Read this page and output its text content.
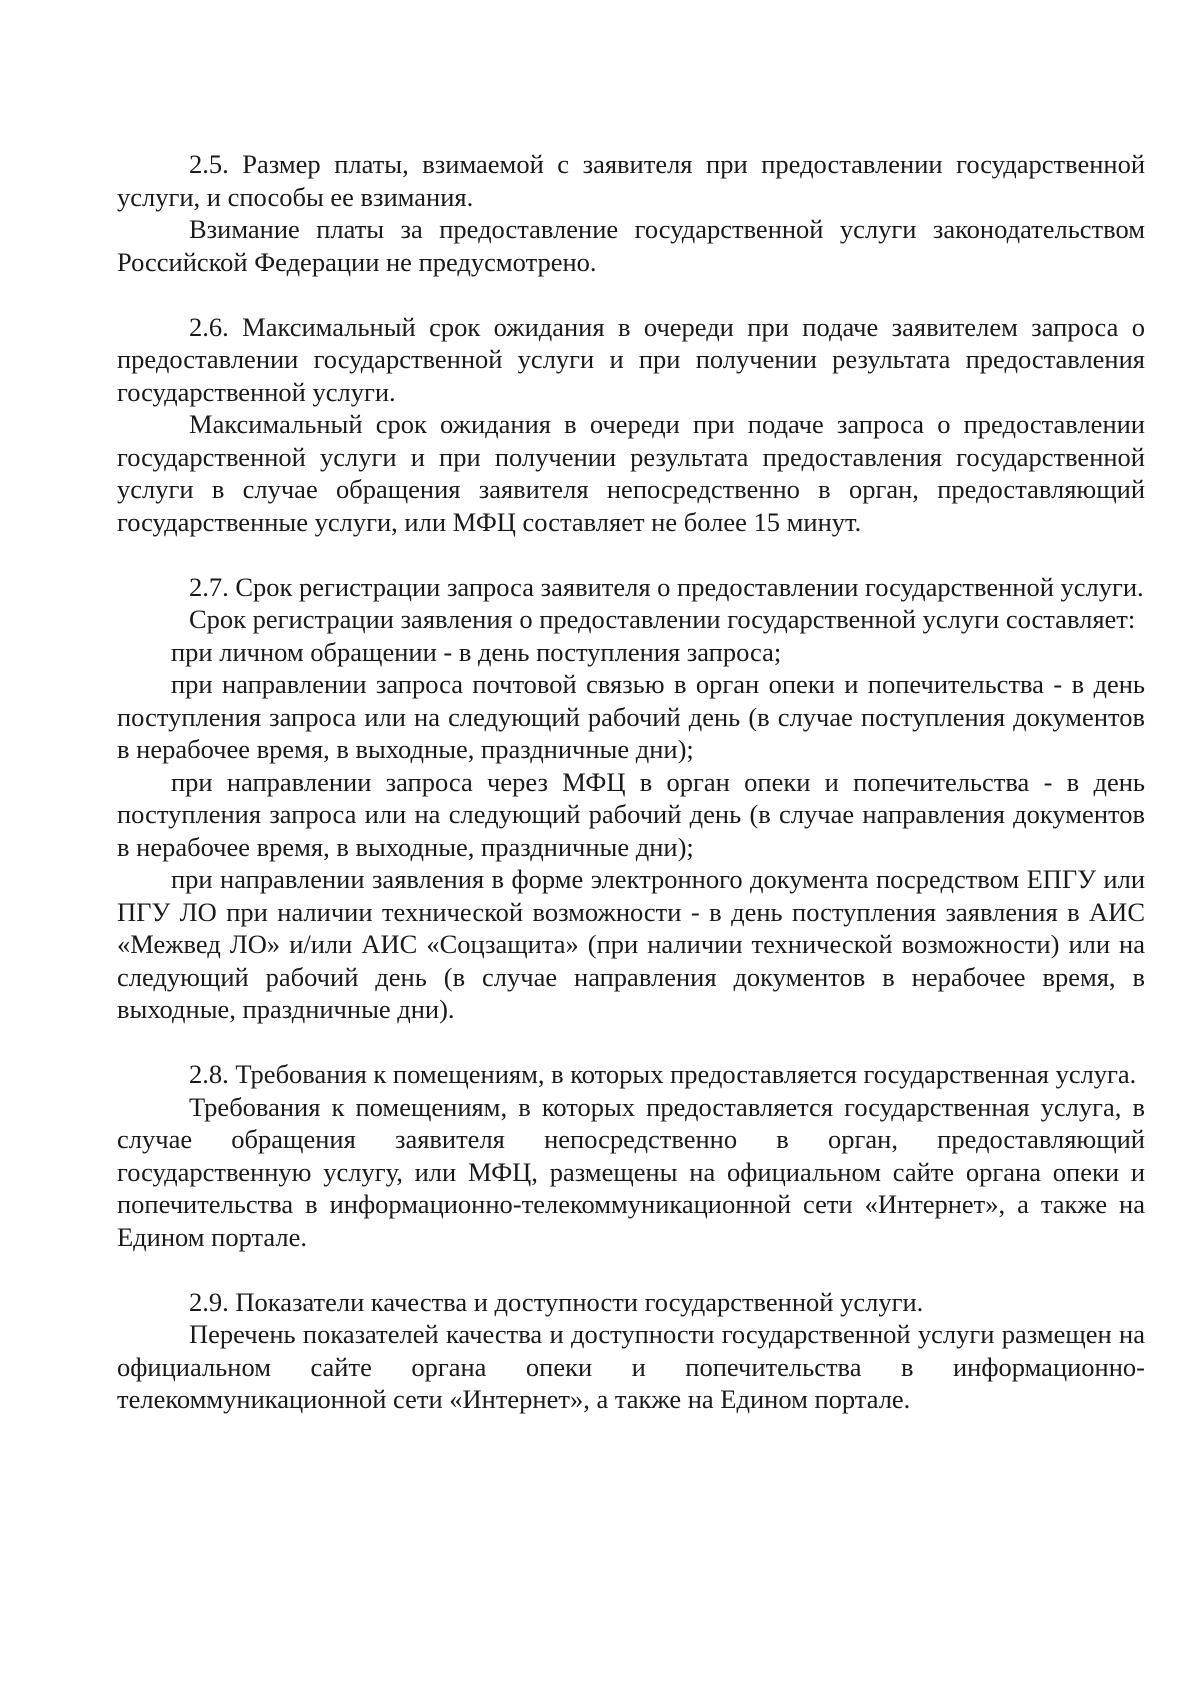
2.5. Размер платы, взимаемой с заявителя при предоставлении государственной услуги, и способы ее взимания.

Взимание платы за предоставление государственной услуги законодательством Российской Федерации не предусмотрено.

2.6. Максимальный срок ожидания в очереди при подаче заявителем запроса о предоставлении государственной услуги и при получении результата предоставления государственной услуги.

Максимальный срок ожидания в очереди при подаче запроса о предоставлении государственной услуги и при получении результата предоставления государственной услуги в случае обращения заявителя непосредственно в орган, предоставляющий государственные услуги, или МФЦ составляет не более 15 минут.

2.7. Срок регистрации запроса заявителя о предоставлении государственной услуги.

Срок регистрации заявления о предоставлении государственной услуги составляет:

при личном обращении - в день поступления запроса;

при направлении запроса почтовой связью в орган опеки и попечительства - в день поступления запроса или на следующий рабочий день (в случае поступления документов в нерабочее время, в выходные, праздничные дни);

при направлении запроса через МФЦ в орган опеки и попечительства - в день поступления запроса или на следующий рабочий день (в случае направления документов в нерабочее время, в выходные, праздничные дни);

при направлении заявления в форме электронного документа посредством ЕПГУ или ПГУ ЛО при наличии технической возможности - в день поступления заявления в АИС «Межвед ЛО» и/или АИС «Соцзащита» (при наличии технической возможности) или на следующий рабочий день (в случае направления документов в нерабочее время, в выходные, праздничные дни).

2.8. Требования к помещениям, в которых предоставляется государственная услуга.

Требования к помещениям, в которых предоставляется государственная услуга, в случае обращения заявителя непосредственно в орган, предоставляющий государственную услугу, или МФЦ, размещены на официальном сайте органа опеки и попечительства в информационно-телекоммуникационной сети «Интернет», а также на Едином портале.

2.9. Показатели качества и доступности государственной услуги.

Перечень показателей качества и доступности государственной услуги размещен на официальном сайте органа опеки и попечительства в информационно-телекоммуникационной сети «Интернет», а также на Едином портале.
